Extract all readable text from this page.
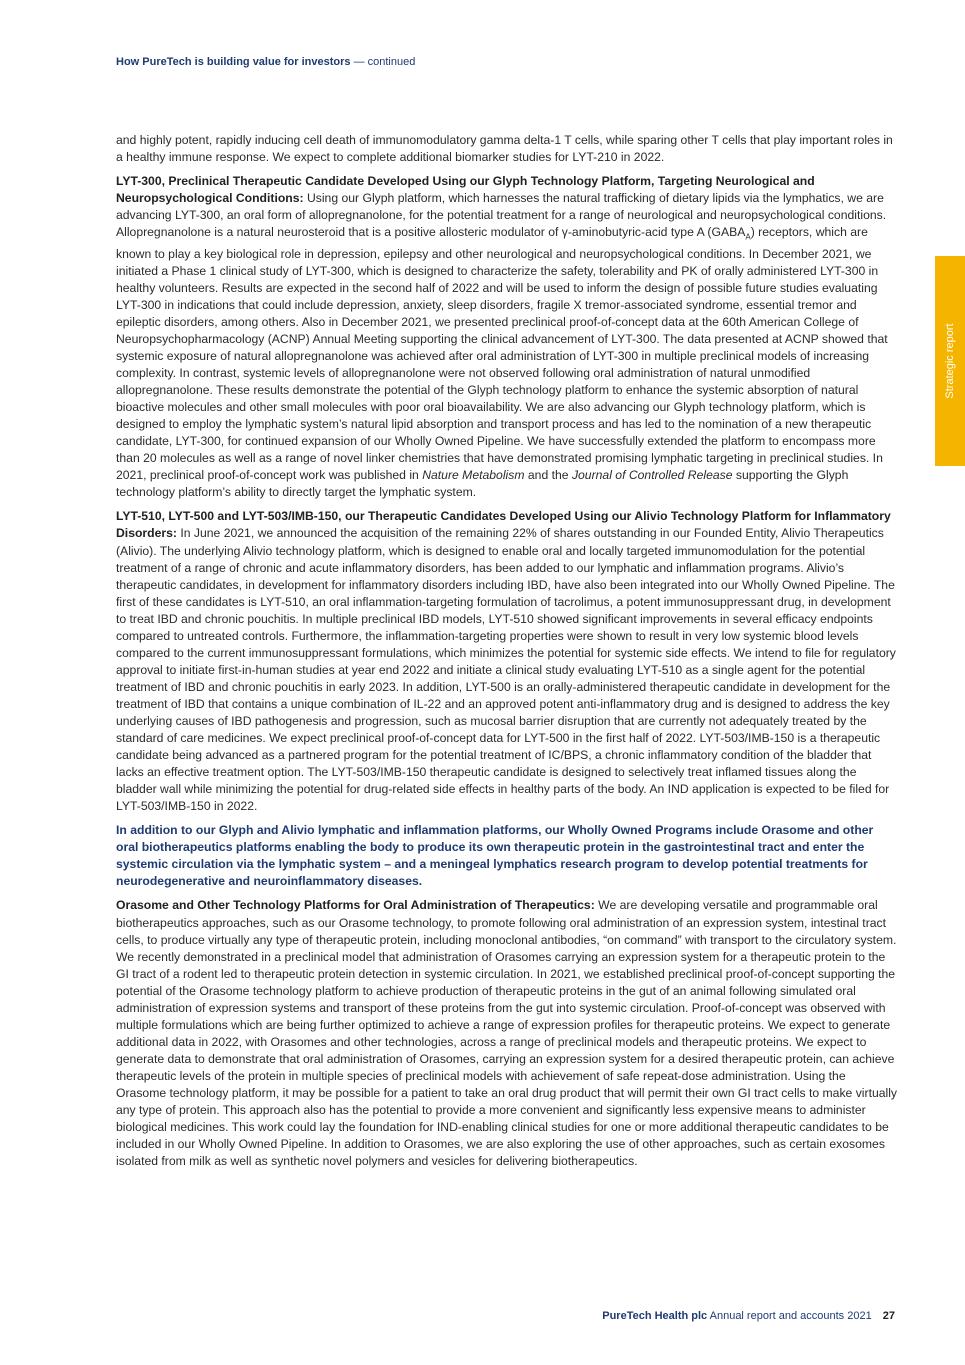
How PureTech is building value for investors — continued

and highly potent, rapidly inducing cell death of immunomodulatory gamma delta-1 T cells, while sparing other T cells that play important roles in a healthy immune response. We expect to complete additional biomarker studies for LYT-210 in 2022.

LYT-300, Preclinical Therapeutic Candidate Developed Using our Glyph Technology Platform, Targeting Neurological and Neuropsychological Conditions: Using our Glyph platform, which harnesses the natural trafficking of dietary lipids via the lymphatics, we are advancing LYT-300, an oral form of allopregnanolone, for the potential treatment for a range of neurological and neuropsychological conditions. Allopregnanolone is a natural neurosteroid that is a positive allosteric modulator of γ-aminobutyric-acid type A $(GABA_A)$ receptors, which are known to play a key biological role in depression, epilepsy and other neurological and neuropsychological conditions. In December 2021, we initiated a Phase 1 clinical study of LYT-300, which is designed to characterize the safety, tolerability and PK of orally administered LYT-300 in healthy volunteers. Results are expected in the second half of 2022 and will be used to inform the design of possible future studies evaluating LYT-300 in indications that could include depression, anxiety, sleep disorders, fragile X tremor-associated syndrome, essential tremor and epileptic disorders, among others. Also in December 2021, we presented preclinical proof-of-concept data at the 60th American College of Neuropsychopharmacology (ACNP) Annual Meeting supporting the clinical advancement of LYT-300. The data presented at ACNP showed that systemic exposure of natural allopregnanolone was achieved after oral administration of LYT-300 in multiple preclinical models of increasing complexity. In contrast, systemic levels of allopregnanolone were not observed following oral administration of natural unmodified allopregnanolone. These results demonstrate the potential of the Glyph technology platform to enhance the systemic absorption of natural bioactive molecules and other small molecules with poor oral bioavailability. We are also advancing our Glyph technology platform, which is designed to employ the lymphatic system’s natural lipid absorption and transport process and has led to the nomination of a new therapeutic candidate, LYT-300, for continued expansion of our Wholly Owned Pipeline. We have successfully extended the platform to encompass more than 20 molecules as well as a range of novel linker chemistries that have demonstrated promising lymphatic targeting in preclinical studies. In 2021, preclinical proof-of-concept work was published in Nature Metabolism and the Journal of Controlled Release supporting the Glyph technology platform’s ability to directly target the lymphatic system.

LYT-510, LYT-500 and LYT-503/IMB-150, our Therapeutic Candidates Developed Using our Alivio Technology Platform for Inflammatory Disorders: In June 2021, we announced the acquisition of the remaining 22% of shares outstanding in our Founded Entity, Alivio Therapeutics (Alivio). The underlying Alivio technology platform, which is designed to enable oral and locally targeted immunomodulation for the potential treatment of a range of chronic and acute inflammatory disorders, has been added to our lymphatic and inflammation programs. Alivio’s therapeutic candidates, in development for inflammatory disorders including IBD, have also been integrated into our Wholly Owned Pipeline. The first of these candidates is LYT-510, an oral inflammation-targeting formulation of tacrolimus, a potent immunosuppressant drug, in development to treat IBD and chronic pouchitis. In multiple preclinical IBD models, LYT-510 showed significant improvements in several efficacy endpoints compared to untreated controls. Furthermore, the inflammation-targeting properties were shown to result in very low systemic blood levels compared to the current immunosuppressant formulations, which minimizes the potential for systemic side effects. We intend to file for regulatory approval to initiate first-in-human studies at year end 2022 and initiate a clinical study evaluating LYT-510 as a single agent for the potential treatment of IBD and chronic pouchitis in early 2023. In addition, LYT-500 is an orally-administered therapeutic candidate in development for the treatment of IBD that contains a unique combination of IL-22 and an approved potent anti-inflammatory drug and is designed to address the key underlying causes of IBD pathogenesis and progression, such as mucosal barrier disruption that are currently not adequately treated by the standard of care medicines. We expect preclinical proof-of-concept data for LYT-500 in the first half of 2022. LYT-503/IMB-150 is a therapeutic candidate being advanced as a partnered program for the potential treatment of IC/BPS, a chronic inflammatory condition of the bladder that lacks an effective treatment option. The LYT-503/IMB-150 therapeutic candidate is designed to selectively treat inflamed tissues along the bladder wall while minimizing the potential for drug-related side effects in healthy parts of the body. An IND application is expected to be filed for LYT-503/IMB-150 in 2022.

In addition to our Glyph and Alivio lymphatic and inflammation platforms, our Wholly Owned Programs include Orasome and other oral biotherapeutics platforms enabling the body to produce its own therapeutic protein in the gastrointestinal tract and enter the systemic circulation via the lymphatic system – and a meningeal lymphatics research program to develop potential treatments for neurodegenerative and neuroinflammatory diseases.

Orasome and Other Technology Platforms for Oral Administration of Therapeutics: We are developing versatile and programmable oral biotherapeutics approaches, such as our Orasome technology, to promote following oral administration of an expression system, intestinal tract cells, to produce virtually any type of therapeutic protein, including monoclonal antibodies, “on command” with transport to the circulatory system. We recently demonstrated in a preclinical model that administration of Orasomes carrying an expression system for a therapeutic protein to the GI tract of a rodent led to therapeutic protein detection in systemic circulation. In 2021, we established preclinical proof-of-concept supporting the potential of the Orasome technology platform to achieve production of therapeutic proteins in the gut of an animal following simulated oral administration of expression systems and transport of these proteins from the gut into systemic circulation. Proof-of-concept was observed with multiple formulations which are being further optimized to achieve a range of expression profiles for therapeutic proteins. We expect to generate additional data in 2022, with Orasomes and other technologies, across a range of preclinical models and therapeutic proteins. We expect to generate data to demonstrate that oral administration of Orasomes, carrying an expression system for a desired therapeutic protein, can achieve therapeutic levels of the protein in multiple species of preclinical models with achievement of safe repeat-dose administration. Using the Orasome technology platform, it may be possible for a patient to take an oral drug product that will permit their own GI tract cells to make virtually any type of protein. This approach also has the potential to provide a more convenient and significantly less expensive means to administer biological medicines. This work could lay the foundation for IND-enabling clinical studies for one or more additional therapeutic candidates to be included in our Wholly Owned Pipeline. In addition to Orasomes, we are also exploring the use of other approaches, such as certain exosomes isolated from milk as well as synthetic novel polymers and vesicles for delivering biotherapeutics.

Strategic report
PureTech Health plc Annual report and accounts 2021 27
